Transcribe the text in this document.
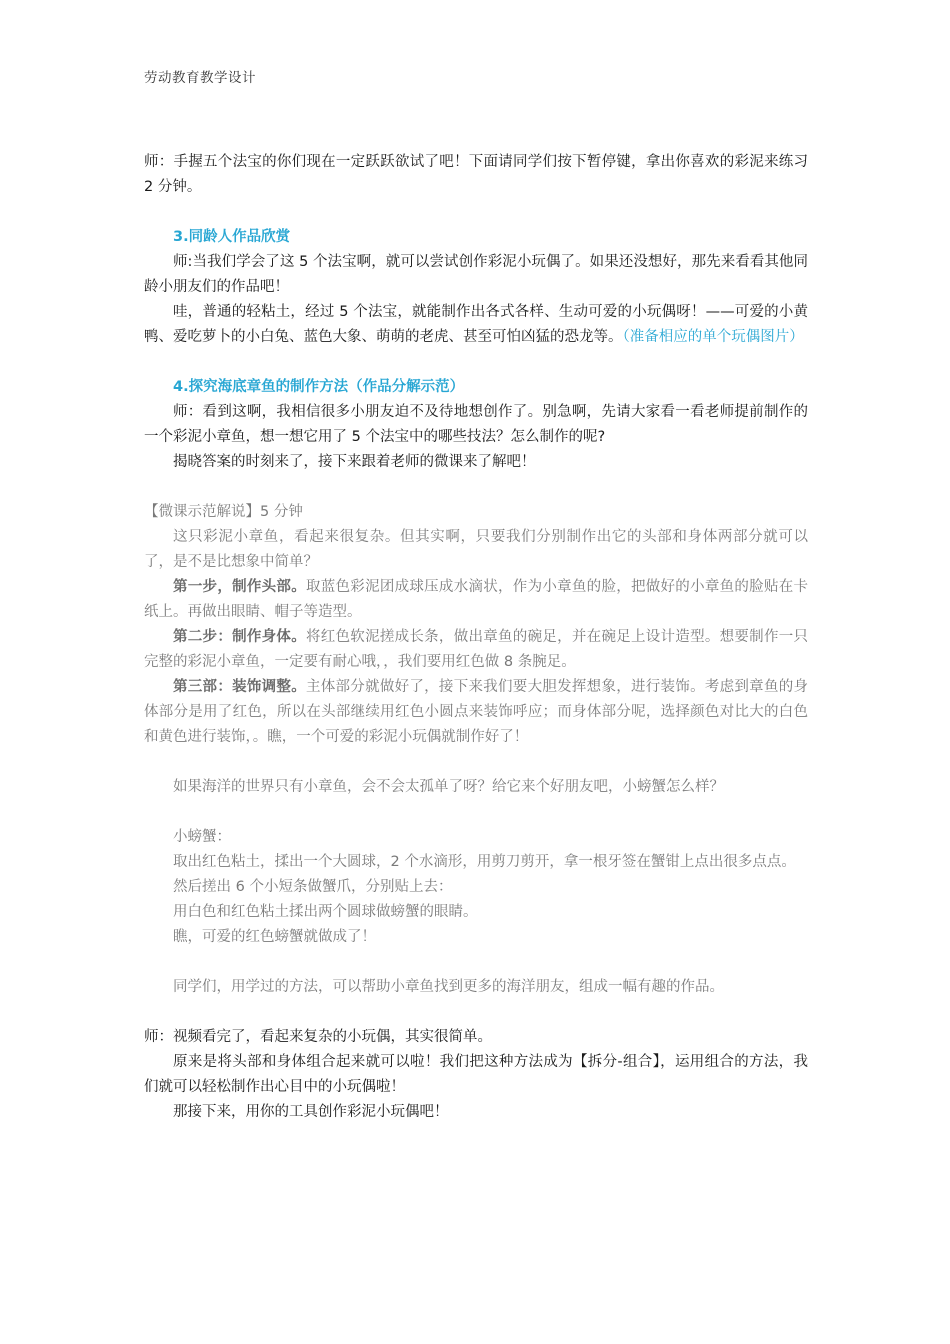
劳动教育教学设计

师：手握五个法宝的你们现在一定跃跃欲试了吧！下面请同学们按下暂停键，拿出你喜欢的彩泥来练习 2 分钟。

3.同龄人作品欣赏

师:当我们学会了这 5 个法宝啊，就可以尝试创作彩泥小玩偶了。如果还没想好，那先来看看其他同龄小朋友们的作品吧！

哇，普通的轻粘土，经过 5 个法宝，就能制作出各式各样、生动可爱的小玩偶呀！——可爱的小黄鸭、爱吃萝卜的小白兔、蓝色大象、萌萌的老虎、甚至可怕凶猛的恐龙等。（准备相应的单个玩偶图片）

4.探究海底章鱼的制作方法（作品分解示范）

师：看到这啊，我相信很多小朋友迫不及待地想创作了。别急啊，先请大家看一看老师提前制作的一个彩泥小章鱼，想一想它用了 5 个法宝中的哪些技法？怎么制作的呢?

揭晓答案的时刻来了，接下来跟着老师的微课来了解吧！

【微课示范解说】5 分钟

这只彩泥小章鱼，看起来很复杂。但其实啊，只要我们分别制作出它的头部和身体两部分就可以了，是不是比想象中简单？

第一步，制作头部。取蓝色彩泥团成球压成水滴状，作为小章鱼的脸，把做好的小章鱼的脸贴在卡纸上。再做出眼睛、帽子等造型。

第二步：制作身体。将红色软泥搓成长条，做出章鱼的碗足，并在碗足上设计造型。想要制作一只完整的彩泥小章鱼，一定要有耐心哦，，我们要用红色做 8 条腕足。

第三部：装饰调整。主体部分就做好了，接下来我们要大胆发挥想象，进行装饰。考虑到章鱼的身体部分是用了红色，所以在头部继续用红色小圆点来装饰呼应；而身体部分呢，选择颜色对比大的白色和黄色进行装饰，。瞧，一个可爱的彩泥小玩偶就制作好了！

如果海洋的世界只有小章鱼，会不会太孤单了呀？给它来个好朋友吧，小螃蟹怎么样？

小螃蟹：

取出红色粘土，揉出一个大圆球，2 个水滴形，用剪刀剪开，拿一根牙签在蟹钳上点出很多点点。

然后搓出 6 个小短条做蟹爪，分别贴上去：

用白色和红色粘土揉出两个圆球做螃蟹的眼睛。

瞧，可爱的红色螃蟹就做成了！

同学们，用学过的方法，可以帮助小章鱼找到更多的海洋朋友，组成一幅有趣的作品。

师：视频看完了，看起来复杂的小玩偶，其实很简单。

原来是将头部和身体组合起来就可以啦！我们把这种方法成为【拆分-组合】，运用组合的方法，我们就可以轻松制作出心目中的小玩偶啦！

那接下来，用你的工具创作彩泥小玩偶吧！
